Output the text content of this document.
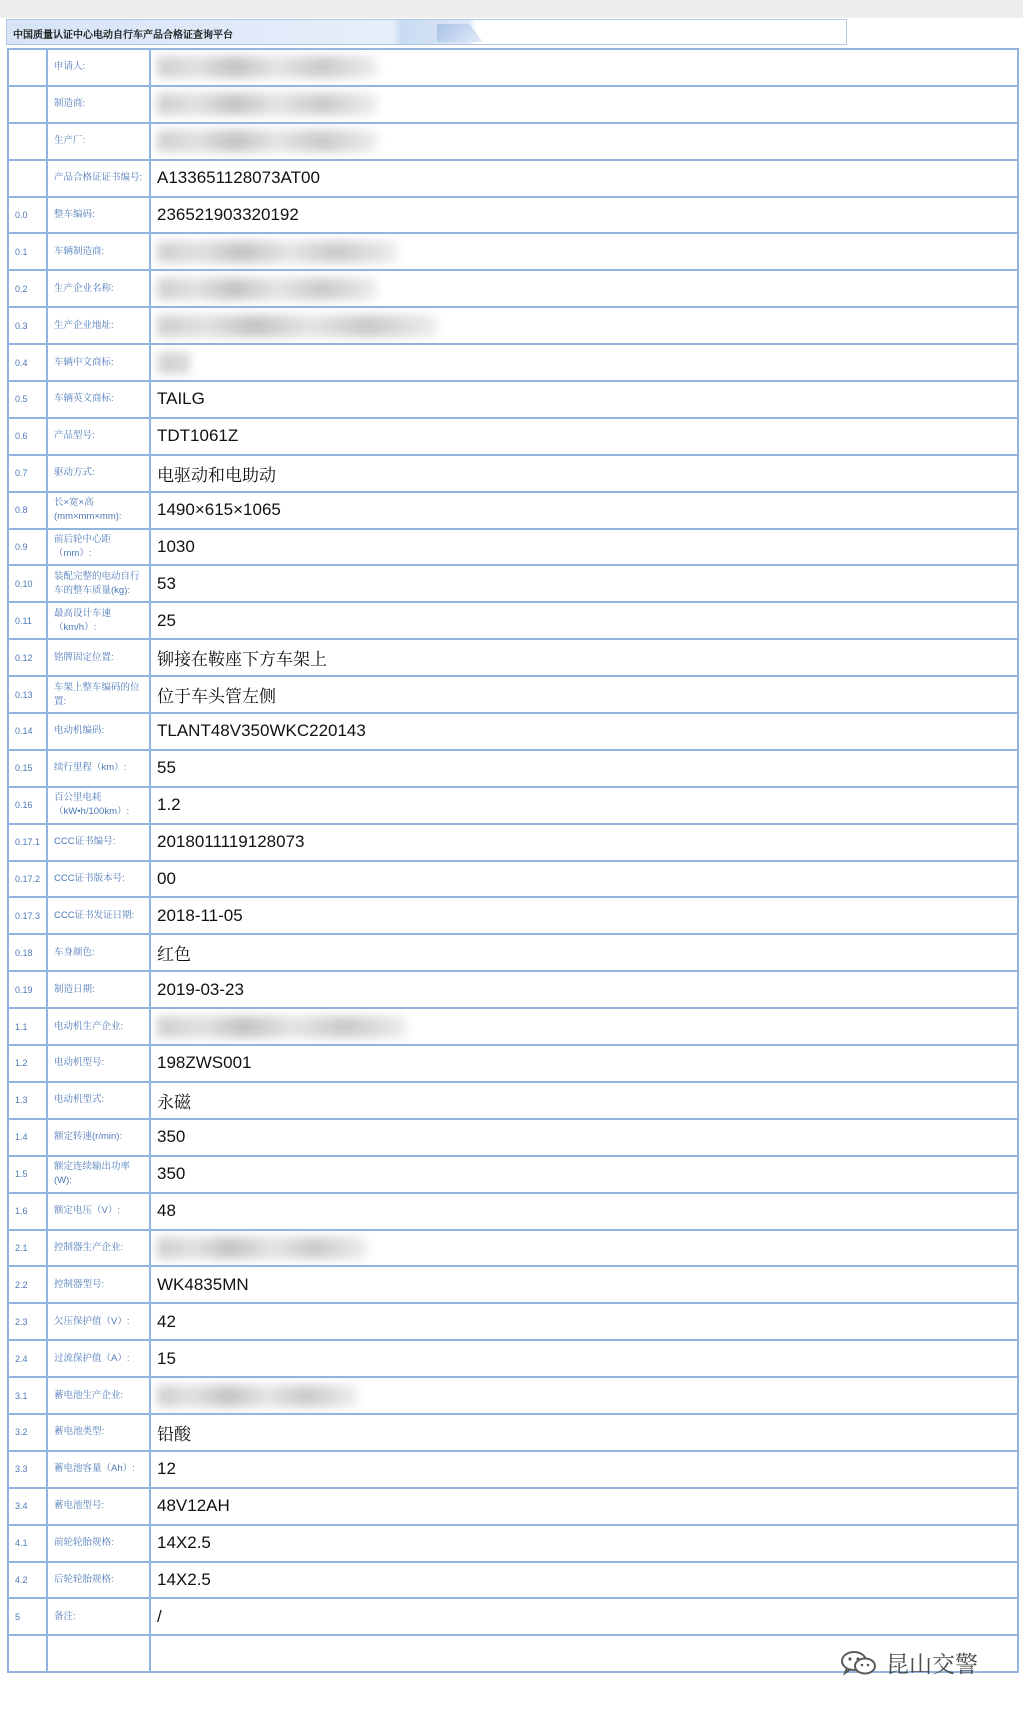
中国质量认证中心电动自行车产品合格证查询平台
	申请人:	
	制造商:	
	生产厂:	
	产品合格证证书编号:	A133651128073AT00
0.0	整车编码:	236521903320192
0.1	车辆制造商:	
0.2	生产企业名称:	
0.3	生产企业地址:	
0.4	车辆中文商标:	
0.5	车辆英文商标:	TAILG
0.6	产品型号:	TDT1061Z
0.7	驱动方式:	电驱动和电助动
0.8	长×宽×高(mm×mm×mm):	1490×615×1065
0.9	前后轮中心距（mm）:	1030
0.10	装配完整的电动自行车的整车质量(kg):	53
0.11	最高设计车速（km/h）:	25
0.12	铭牌固定位置:	铆接在鞍座下方车架上
0.13	车架上整车编码的位置:	位于车头管左侧
0.14	电动机编码:	TLANT48V350WKC220143
0.15	续行里程（km）:	55
0.16	百公里电耗（kW•h/100km）:	1.2
0.17.1	CCC证书编号:	2018011119128073
0.17.2	CCC证书版本号:	00
0.17.3	CCC证书发证日期:	2018-11-05
0.18	车身颜色:	红色
0.19	制造日期:	2019-03-23
1.1	电动机生产企业:	
1.2	电动机型号:	198ZWS001
1.3	电动机型式:	永磁
1.4	额定转速(r/min):	350
1.5	额定连续输出功率(W):	350
1.6	额定电压（V）:	48
2.1	控制器生产企业:	
2.2	控制器型号:	WK4835MN
2.3	欠压保护值（V）:	42
2.4	过流保护值（A）:	15
3.1	蓄电池生产企业:	
3.2	蓄电池类型:	铅酸
3.3	蓄电池容量（Ah）:	12
3.4	蓄电池型号:	48V12AH
4.1	前轮轮胎规格:	14X2.5
4.2	后轮轮胎规格:	14X2.5
5	备注:	/

昆山交警
